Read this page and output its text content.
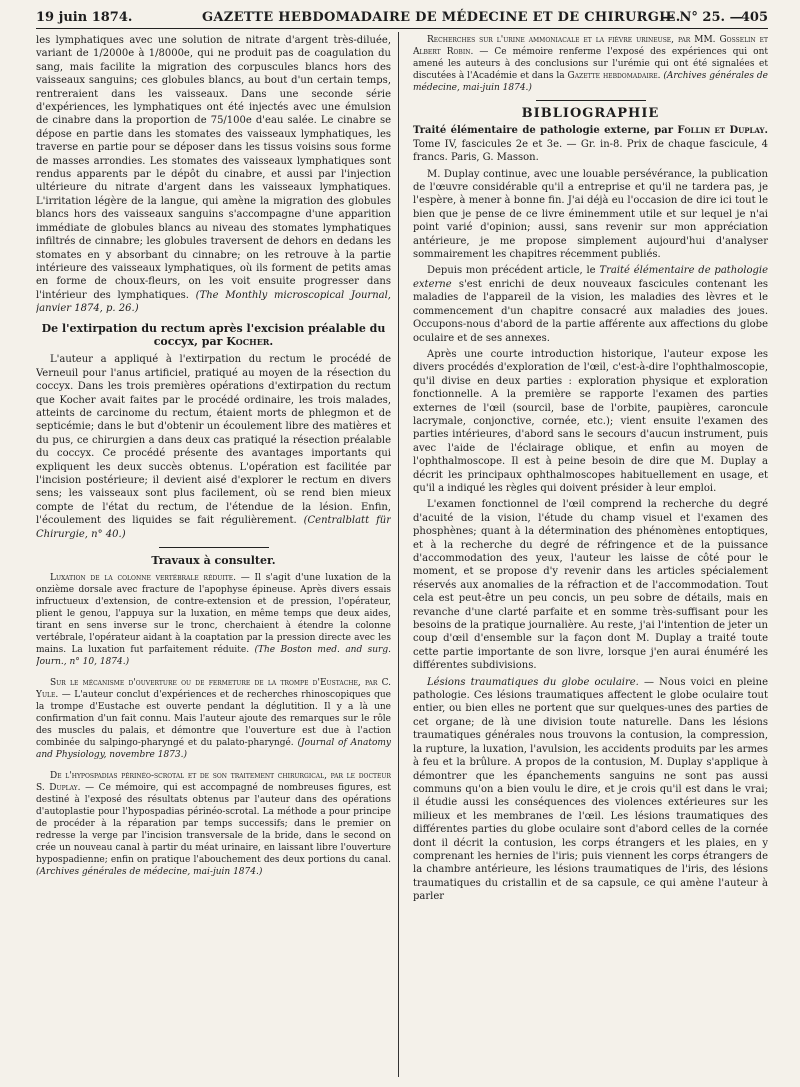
19 juin 1874.	GAZETTE HEBDOMADAIRE DE MÉDECINE ET DE CHIRURGIE.
— N° 25. —
405

les lymphatiques avec une solution de nitrate d'argent très-diluée, variant de 1/2000e à 1/8000e, qui ne produit pas de coagulation du sang, mais facilite la migration des corpuscules blancs hors des vaisseaux sanguins; ces globules blancs, au bout d'un certain temps, rentreraient dans les vaisseaux. Dans une seconde série d'expériences, les lymphatiques ont été injectés avec une émulsion de cinabre dans la proportion de 75/100e d'eau salée. Le cinabre se dépose en partie dans les stomates des vaisseaux lymphatiques, les traverse en partie pour se déposer dans les tissus voisins sous forme de masses arrondies. Les stomates des vaisseaux lymphatiques sont rendus apparents par le dépôt du cinabre, et aussi par l'injection ultérieure du nitrate d'argent dans les vaisseaux lymphatiques. L'irritation légère de la langue, qui amène la migration des globules blancs hors des vaisseaux sanguins s'accompagne d'une apparition immédiate de globules blancs au niveau des stomates lymphatiques infiltrés de cinnabre; les globules traversent de dehors en dedans les stomates en y absorbant du cinnabre; on les retrouve à la partie intérieure des vaisseaux lymphatiques, où ils forment de petits amas en forme de choux-fleurs, on les voit ensuite progresser dans l'intérieur des lymphatiques. (The Monthly microscopical Journal, janvier 1874, p. 26.)

De l'extirpation du rectum après l'excision préalable du coccyx, par Kocher.

L'auteur a appliqué à l'extirpation du rectum le procédé de Verneuil pour l'anus artificiel, pratiqué au moyen de la résection du coccyx. Dans les trois premières opérations d'extirpation du rectum que Kocher avait faites par le procédé ordinaire, les trois malades, atteints de carcinome du rectum, étaient morts de phlegmon et de septicémie; dans le but d'obtenir un écoulement libre des matières et du pus, ce chirurgien a dans deux cas pratiqué la résection préalable du coccyx. Ce procédé présente des avantages importants qui expliquent les deux succès obtenus. L'opération est facilitée par l'incision postérieure; il devient aisé d'explorer le rectum en divers sens; les vaisseaux sont plus facilement, où se rend bien mieux compte de l'état du rectum, de l'étendue de la lésion. Enfin, l'écoulement des liquides se fait régulièrement. (Centralblatt für Chirurgie, n° 40.)

Travaux à consulter.

Luxation de la colonne vertébrale réduite. — Il s'agit d'une luxation de la onzième dorsale avec fracture de l'apophyse épineuse. Après divers essais infructueux d'extension, de contre-extension et de pression, l'opérateur, plient le genou, l'appuya sur la luxation, en même temps que deux aides, tirant en sens inverse sur le tronc, cherchaient à étendre la colonne vertébrale, l'opérateur aidant à la coaptation par la pression directe avec les mains. La luxation fut parfaitement réduite. (The Boston med. and surg. Journ., n° 10, 1874.)

Sur le mécanisme d'ouverture ou de fermeture de la trompe d'Eustache, par C. Yule. — L'auteur conclut d'expériences et de recherches rhinoscopiques que la trompe d'Eustache est ouverte pendant la déglutition. Il y a là une confirmation d'un fait connu. Mais l'auteur ajoute des remarques sur le rôle des muscles du palais, et démontre que l'ouverture est due à l'action combinée du salpingo-pharyngé et du palato-pharyngé. (Journal of Anatomy and Physiology, novembre 1873.)

De l'hypospadias périnéo-scrotal et de son traitement chirurgical, par le docteur S. Duplay. — Ce mémoire, qui est accompagné de nombreuses figures, est destiné à l'exposé des résultats obtenus par l'auteur dans des opérations d'autoplastie pour l'hypospadias périnéo-scrotal. La méthode a pour principe de procéder à la réparation par temps successifs; dans le premier on redresse la verge par l'incision transversale de la bride, dans le second on crée un nouveau canal à partir du méat urinaire, en laissant libre l'ouverture hypospadienne; enfin on pratique l'abouchement des deux portions du canal. (Archives générales de médecine, mai-juin 1874.)

Recherches sur l'urine ammoniacale et la fièvre urineuse, par MM. Gosselin et Albert Robin. — Ce mémoire renferme l'exposé des expériences qui ont amené les auteurs à des conclusions sur l'urémie qui ont été signalées et discutées à l'Académie et dans la Gazette hebdomadaire. (Archives générales de médecine, mai-juin 1874.)

BIBLIOGRAPHIE

Traité élémentaire de pathologie externe, par Follin et Duplay. Tome IV, fascicules 2e et 3e. — Gr. in-8. Prix de chaque fascicule, 4 francs. Paris, G. Masson.

M. Duplay continue, avec une louable persévérance, la publication de l'œuvre considérable qu'il a entreprise et qu'il ne tardera pas, je l'espère, à mener à bonne fin. J'ai déjà eu l'occasion de dire ici tout le bien que je pense de ce livre éminemment utile et sur lequel je n'ai point varié d'opinion; aussi, sans revenir sur mon appréciation antérieure, je me propose simplement aujourd'hui d'analyser sommairement les chapitres récemment publiés.

Depuis mon précédent article, le Traité élémentaire de pathologie externe s'est enrichi de deux nouveaux fascicules contenant les maladies de l'appareil de la vision, les maladies des lèvres et le commencement d'un chapitre consacré aux maladies des joues. Occupons-nous d'abord de la partie afférente aux affections du globe oculaire et de ses annexes.

Après une courte introduction historique, l'auteur expose les divers procédés d'exploration de l'œil, c'est-à-dire l'ophthalmoscopie, qu'il divise en deux parties : exploration physique et exploration fonctionnelle. A la première se rapporte l'examen des parties externes de l'œil (sourcil, base de l'orbite, paupières, caroncule lacrymale, conjonctive, cornée, etc.); vient ensuite l'examen des parties intérieures, d'abord sans le secours d'aucun instrument, puis avec l'aide de l'éclairage oblique, et enfin au moyen de l'ophthalmoscope. Il est à peine besoin de dire que M. Duplay a décrit les principaux ophthalmoscopes habituellement en usage, et qu'il a indiqué les règles qui doivent présider à leur emploi.

L'examen fonctionnel de l'œil comprend la recherche du degré d'acuité de la vision, l'étude du champ visuel et l'examen des phosphènes; quant à la détermination des phénomènes entoptiques, et à la recherche du degré de réfringence et de la puissance d'accommodation des yeux, l'auteur les laisse de côté pour le moment, et se propose d'y revenir dans les articles spécialement réservés aux anomalies de la réfraction et de l'accommodation. Tout cela est peut-être un peu concis, un peu sobre de détails, mais en revanche d'une clarté parfaite et en somme très-suffisant pour les besoins de la pratique journalière. Au reste, j'ai l'intention de jeter un coup d'œil d'ensemble sur la façon dont M. Duplay a traité toute cette partie importante de son livre, lorsque j'en aurai énuméré les différentes subdivisions.

Lésions traumatiques du globe oculaire. — Nous voici en pleine pathologie. Ces lésions traumatiques affectent le globe oculaire tout entier, ou bien elles ne portent que sur quelques-unes des parties de cet organe; de là une division toute naturelle. Dans les lésions traumatiques générales nous trouvons la contusion, la compression, la rupture, la luxation, l'avulsion, les accidents produits par les armes à feu et la brûlure. A propos de la contusion, M. Duplay s'applique à démontrer que les épanchements sanguins ne sont pas aussi communs qu'on a bien voulu le dire, et je crois qu'il est dans le vrai; il étudie aussi les conséquences des violences extérieures sur les milieux et les membranes de l'œil. Les lésions traumatiques des différentes parties du globe oculaire sont d'abord celles de la cornée dont il décrit la contusion, les corps étrangers et les plaies, en y comprenant les hernies de l'iris; puis viennent les corps étrangers de la chambre antérieure, les lésions traumatiques de l'iris, des lésions traumatiques du cristallin et de sa capsule, ce qui amène l'auteur à parler
